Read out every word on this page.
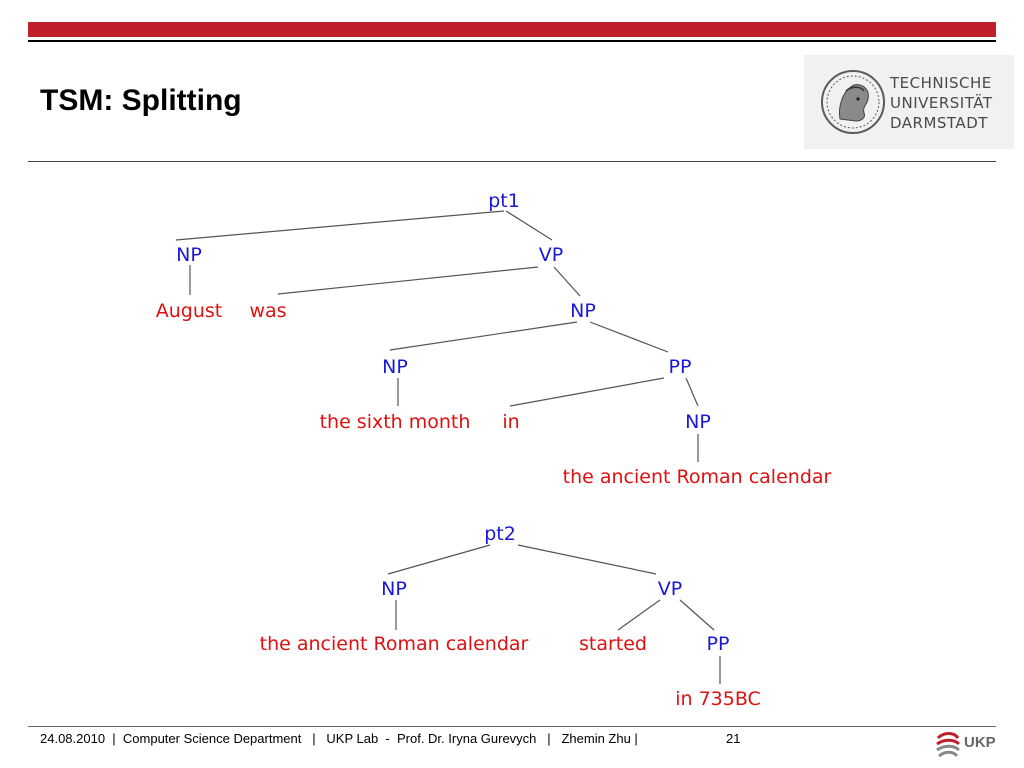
TSM: Splitting
TECHNISCHE
UNIVERSITÄT
DARMSTADT
pt1
NP	VP
NP
NP	PP
NP
August was
the sixth month in
the ancient Roman calendar
pt2
NP	VP
PP
the ancient Roman calendar	started
in 735BC
24.08.2010  |  Computer Science Department   |   UKP Lab  -  Prof. Dr. Iryna Gurevych   |   Zhemin Zhu |	21	UKP
